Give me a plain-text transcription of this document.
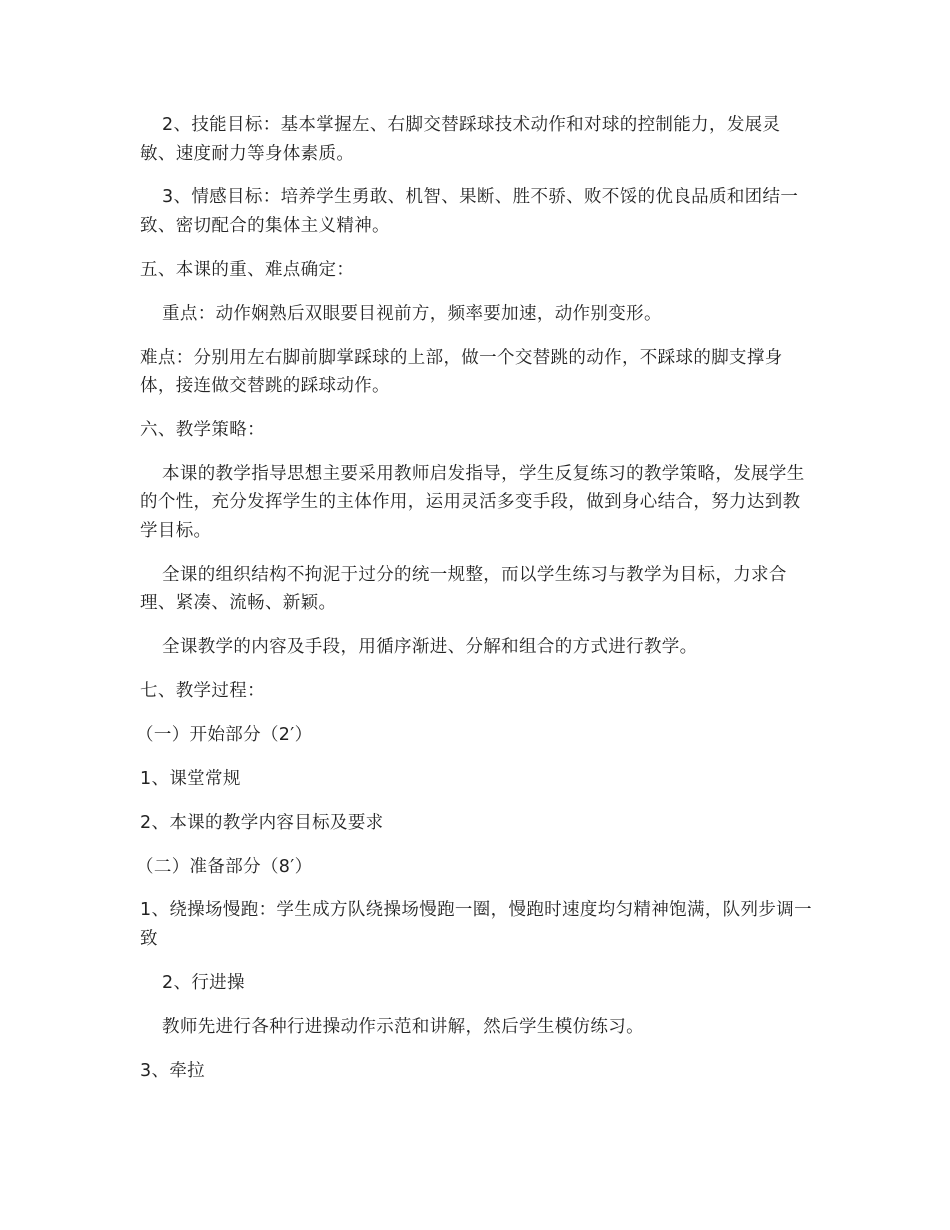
2、技能目标：基本掌握左、右脚交替踩球技术动作和对球的控制能力，发展灵敏、速度耐力等身体素质。

3、情感目标：培养学生勇敢、机智、果断、胜不骄、败不馁的优良品质和团结一致、密切配合的集体主义精神。

五、本课的重、难点确定：

重点：动作娴熟后双眼要目视前方，频率要加速，动作别变形。

难点：分别用左右脚前脚掌踩球的上部，做一个交替跳的动作，不踩球的脚支撑身体，接连做交替跳的踩球动作。

六、教学策略：

本课的教学指导思想主要采用教师启发指导，学生反复练习的教学策略，发展学生的个性，充分发挥学生的主体作用，运用灵活多变手段，做到身心结合，努力达到教学目标。

全课的组织结构不拘泥于过分的统一规整，而以学生练习与教学为目标，力求合理、紧凑、流畅、新颖。

全课教学的内容及手段，用循序渐进、分解和组合的方式进行教学。

七、教学过程：

（一）开始部分（2′）

1、课堂常规

2、本课的教学内容目标及要求

（二）准备部分（8′）

1、绕操场慢跑：学生成方队绕操场慢跑一圈，慢跑时速度均匀精神饱满，队列步调一致

2、行进操

教师先进行各种行进操动作示范和讲解，然后学生模仿练习。

3、牵拉
